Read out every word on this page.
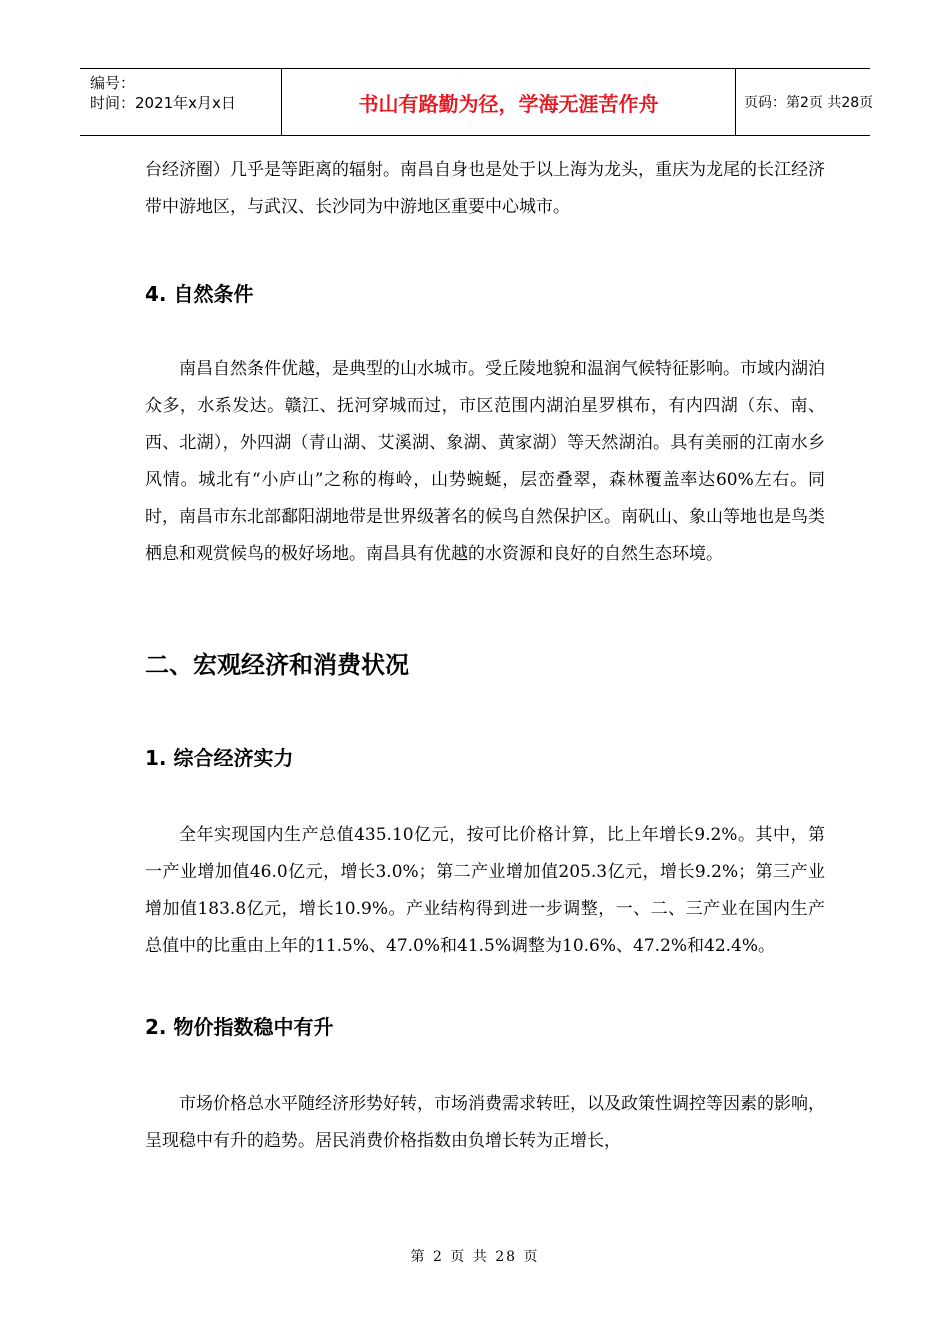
编号：
时间：2021年x月x日	书山有路勤为径，学海无涯苦作舟	页码：第2页 共28页

台经济圈）几乎是等距离的辐射。南昌自身也是处于以上海为龙头，重庆为龙尾的长江经济带中游地区，与武汉、长沙同为中游地区重要中心城市。

4. 自然条件

南昌自然条件优越，是典型的山水城市。受丘陵地貌和温润气候特征影响。市域内湖泊众多，水系发达。赣江、抚河穿城而过，市区范围内湖泊星罗棋布，有内四湖（东、南、西、北湖），外四湖（青山湖、艾溪湖、象湖、黄家湖）等天然湖泊。具有美丽的江南水乡风情。城北有“小庐山”之称的梅岭，山势蜿蜒，层峦叠翠，森林覆盖率达60%左右。同时，南昌市东北部鄱阳湖地带是世界级著名的候鸟自然保护区。南矾山、象山等地也是鸟类栖息和观赏候鸟的极好场地。南昌具有优越的水资源和良好的自然生态环境。

二、宏观经济和消费状况
1. 综合经济实力

全年实现国内生产总值435.10亿元，按可比价格计算，比上年增长9.2%。其中，第一产业增加值46.0亿元，增长3.0%；第二产业增加值205.3亿元，增长9.2%；第三产业增加值183.8亿元，增长10.9%。产业结构得到进一步调整，一、二、三产业在国内生产总值中的比重由上年的11.5%、47.0%和41.5%调整为10.6%、47.2%和42.4%。

2. 物价指数稳中有升

市场价格总水平随经济形势好转，市场消费需求转旺，以及政策性调控等因素的影响，呈现稳中有升的趋势。居民消费价格指数由负增长转为正增长，

第 2 页 共 28 页
